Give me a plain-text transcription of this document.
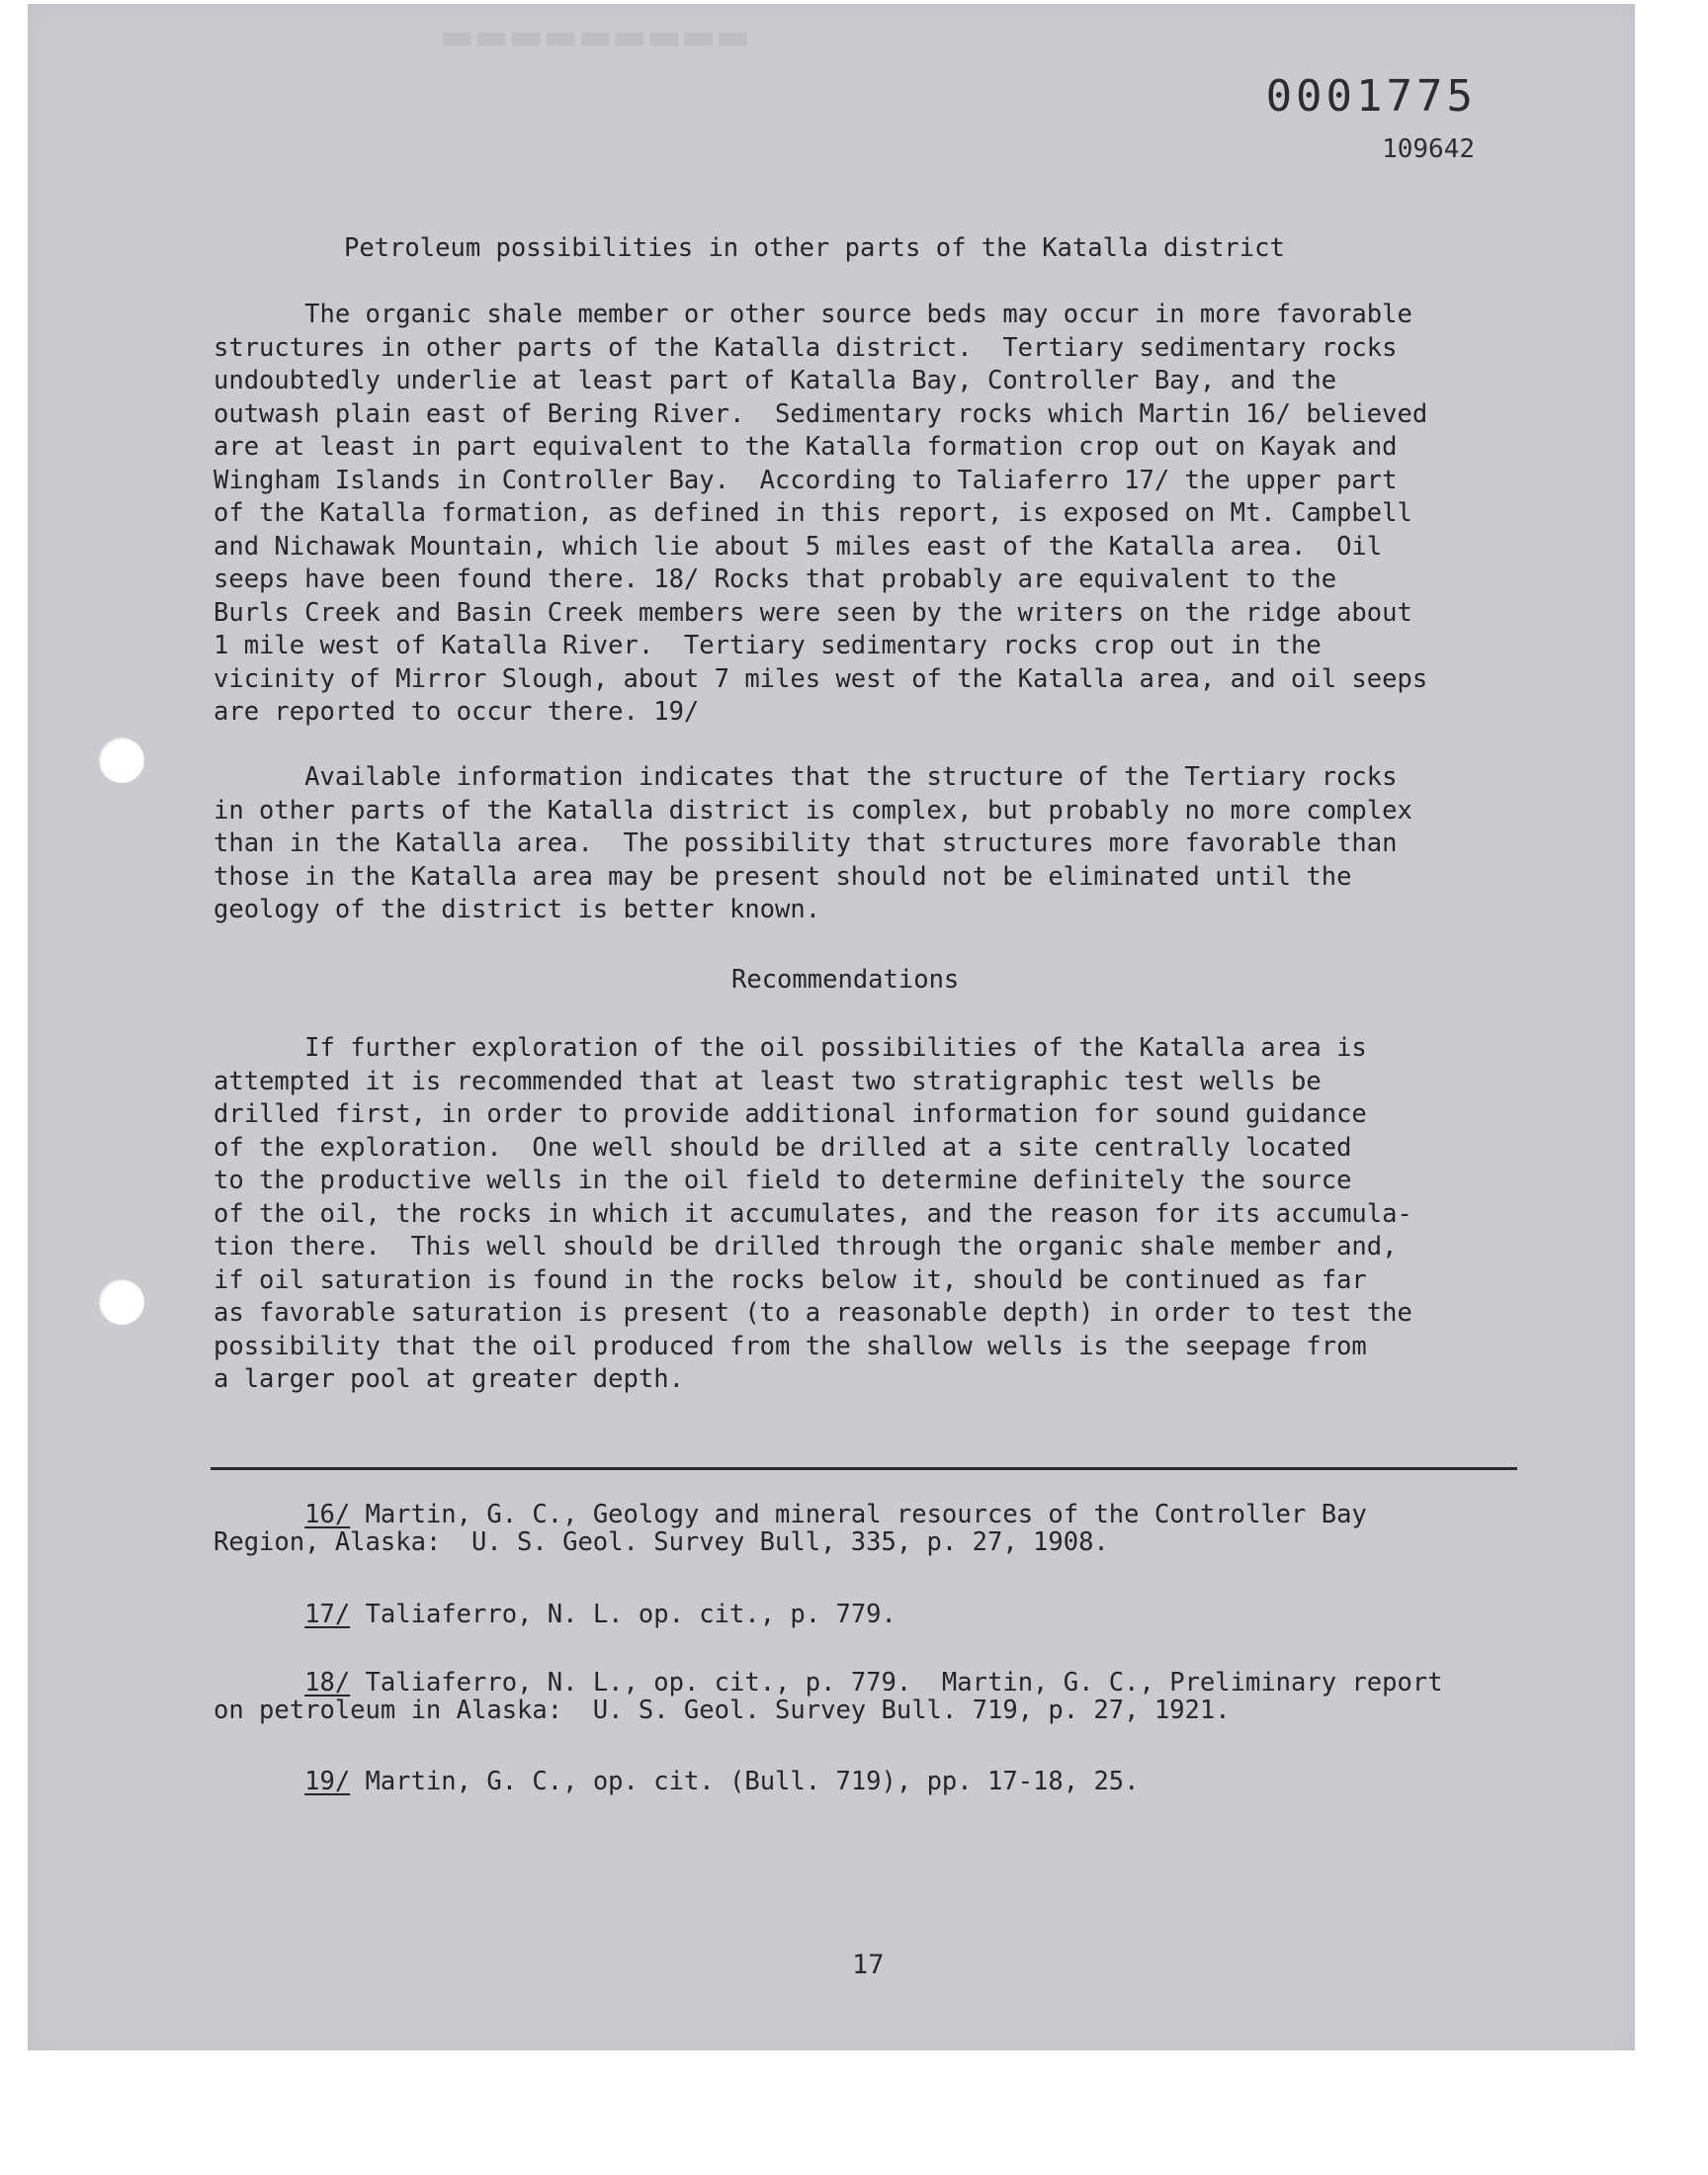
▬▬▬▬▬▬▬▬▬
0001775
109642

Petroleum possibilities in other parts of the Katalla district

The organic shale member or other source beds may occur in more favorable
structures in other parts of the Katalla district.  Tertiary sedimentary rocks
undoubtedly underlie at least part of Katalla Bay, Controller Bay, and the
outwash plain east of Bering River.  Sedimentary rocks which Martin 16/ believed
are at least in part equivalent to the Katalla formation crop out on Kayak and
Wingham Islands in Controller Bay.  According to Taliaferro 17/ the upper part
of the Katalla formation, as defined in this report, is exposed on Mt. Campbell
and Nichawak Mountain, which lie about 5 miles east of the Katalla area.  Oil
seeps have been found there. 18/ Rocks that probably are equivalent to the
Burls Creek and Basin Creek members were seen by the writers on the ridge about
1 mile west of Katalla River.  Tertiary sedimentary rocks crop out in the
vicinity of Mirror Slough, about 7 miles west of the Katalla area, and oil seeps
are reported to occur there. 19/
Available information indicates that the structure of the Tertiary rocks
in other parts of the Katalla district is complex, but probably no more complex
than in the Katalla area.  The possibility that structures more favorable than
those in the Katalla area may be present should not be eliminated until the
geology of the district is better known.

Recommendations

If further exploration of the oil possibilities of the Katalla area is
attempted it is recommended that at least two stratigraphic test wells be
drilled first, in order to provide additional information for sound guidance
of the exploration.  One well should be drilled at a site centrally located
to the productive wells in the oil field to determine definitely the source
of the oil, the rocks in which it accumulates, and the reason for its accumula-
tion there.  This well should be drilled through the organic shale member and,
if oil saturation is found in the rocks below it, should be continued as far
as favorable saturation is present (to a reasonable depth) in order to test the
possibility that the oil produced from the shallow wells is the seepage from
a larger pool at greater depth.
16/ Martin, G. C., Geology and mineral resources of the Controller Bay
Region, Alaska:  U. S. Geol. Survey Bull, 335, p. 27, 1908.
17/ Taliaferro, N. L. op. cit., p. 779.
18/ Taliaferro, N. L., op. cit., p. 779.  Martin, G. C., Preliminary report
on petroleum in Alaska:  U. S. Geol. Survey Bull. 719, p. 27, 1921.
19/ Martin, G. C., op. cit. (Bull. 719), pp. 17-18, 25.
17
